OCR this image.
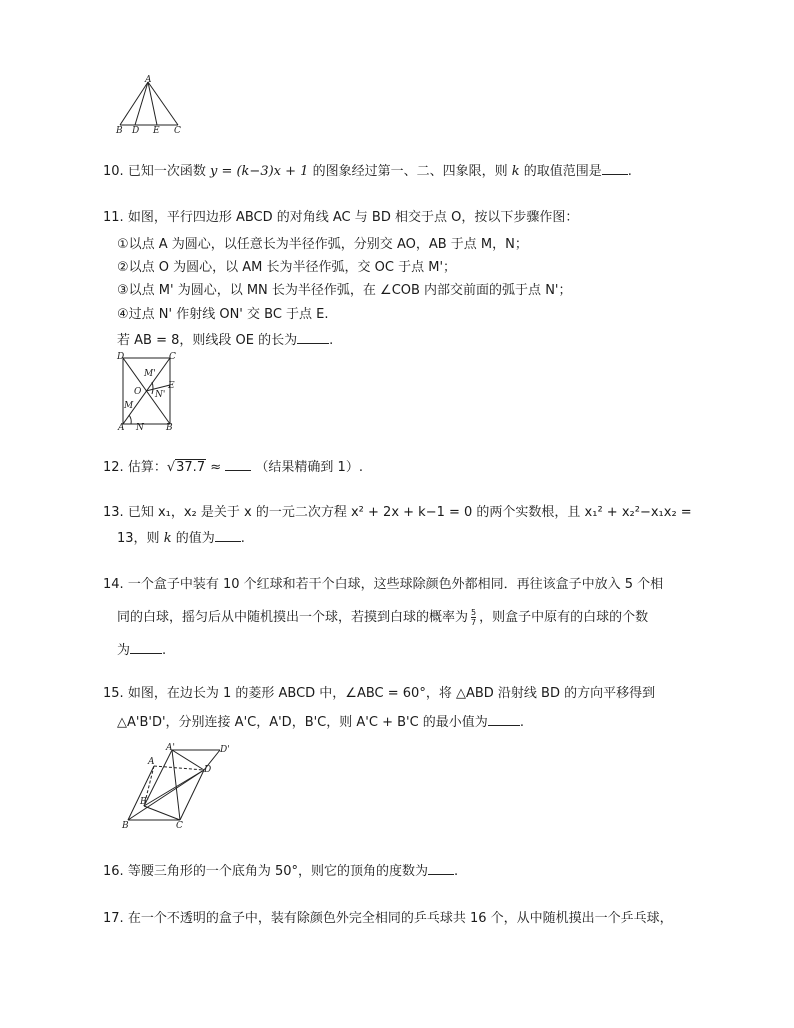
A
B D E C
10. 已知一次函数 y = (k−3)x + 1 的图象经过第一、二、四象限，则 k 的取值范围是 .
11. 如图，平行四边形 ABCD 的对角线 AC 与 BD 相交于点 O，按以下步骤作图：
①以点 A 为圆心，以任意长为半径作弧，分别交 AO，AB 于点 M，N；
②以点 O 为圆心，以 AM 长为半径作弧，交 OC 于点 M'；
③以点 M' 为圆心，以 MN 长为半径作弧，在 ∠COB 内部交前面的弧于点 N'；
④过点 N' 作射线 ON' 交 BC 于点 E.
若 AB = 8，则线段 OE 的长为 .
D	C
M'
O N'
E
M
A N B
12. 估算：√37.7 ≈	（结果精确到 1）.
13. 已知 x₁，x₂ 是关于 x 的一元二次方程 x² + 2x + k−1 = 0 的两个实数根，且 x₁² + x₂²−x₁x₂ =
13，则 k 的值为 .
14. 一个盒子中装有 10 个红球和若干个白球，这些球除颜色外都相同．再往该盒子中放入 5 个相
同的白球，摇匀后从中随机摸出一个球，若摸到白球的概率为 $\frac{5}{7}$ ，则盒子中原有的白球的个数
为 .
15. 如图，在边长为 1 的菱形 ABCD 中，∠ABC = 60°，将 △ABD 沿射线 BD 的方向平移得到
△A'B'D'，分别连接 A'C，A'D，B'C，则 A'C + B'C 的最小值为 .
A'	D'
A
D
B'
B	C
16. 等腰三角形的一个底角为 50°，则它的顶角的度数为 .
17. 在一个不透明的盒子中，装有除颜色外完全相同的乒乓球共 16 个，从中随机摸出一个乒乓球，
